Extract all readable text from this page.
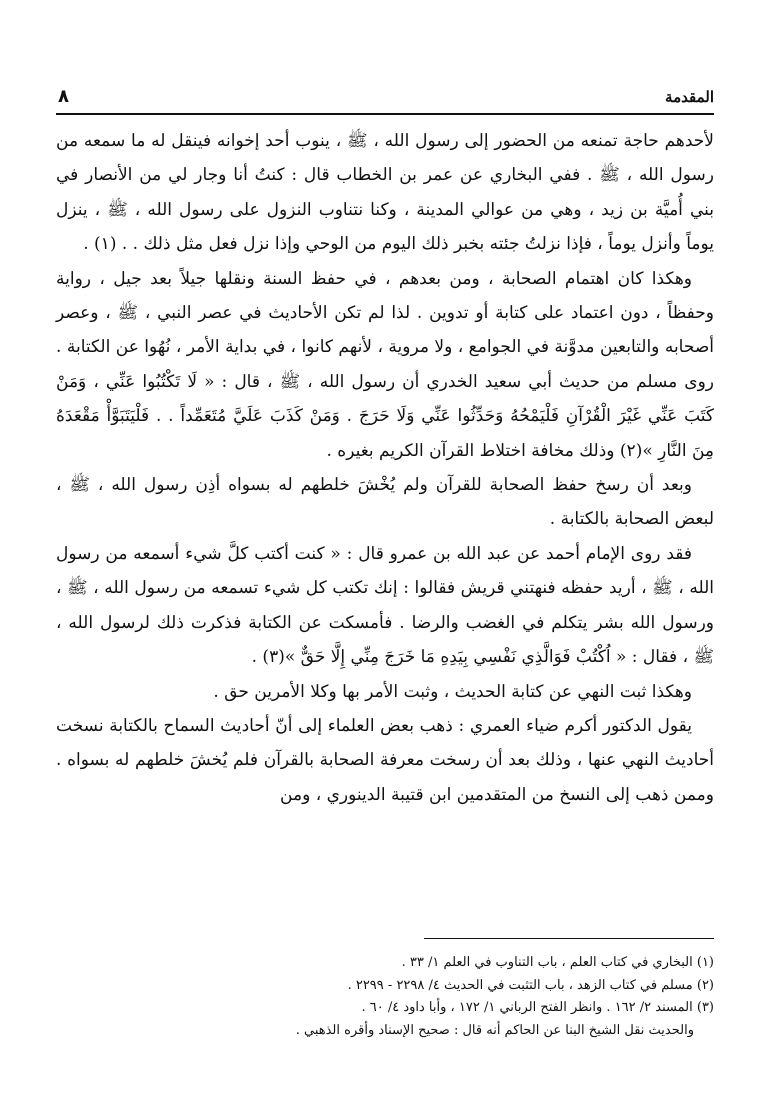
المقدمة
٨

لأحدهم حاجة تمنعه من الحضور إلى رسول الله ، ﷺ ، ينوب أحد إخوانه فينقل له ما سمعه من رسول الله ، ﷺ . ففي البخاري عن عمر بن الخطاب قال : كنتُ أنا وجار لي من الأنصار في بني أُميَّة بن زيد ، وهي من عوالي المدينة ، وكنا نتناوب النزول على رسول الله ، ﷺ ، ينزل يوماً وأنزل يوماً ، فإذا نزلتُ جئته بخبر ذلك اليوم من الوحي وإذا نزل فعل مثل ذلك . . (١) .

وهكذا كان اهتمام الصحابة ، ومن بعدهم ، في حفظ السنة ونقلها جيلاً بعد جيل ، رواية وحفظاً ، دون اعتماد على كتابة أو تدوين . لذا لم تكن الأحاديث في عصر النبي ، ﷺ ، وعصر أصحابه والتابعين مدوَّنة في الجوامع ، ولا مروية ، لأنهم كانوا ، في بداية الأمر ، نُهُوا عن الكتابة . روى مسلم من حديث أبي سعيد الخدري أن رسول الله ، ﷺ ، قال : « لَا تَكْتُبُوا عَنِّي ، وَمَنْ كَتَبَ عَنِّي غَيْرَ الْقُرْآنِ فَلْيَمْحُهُ وَحَدِّثُوا عَنِّي وَلَا حَرَجَ . وَمَنْ كَذَبَ عَلَيَّ مُتَعَمِّداً . . فَلْيَتَبَوَّأْ مَقْعَدَهُ مِنَ النَّارِ »(٢) وذلك مخافة اختلاط القرآن الكريم بغيره .

وبعد أن رسخ حفظ الصحابة للقرآن ولم يُخْشَ خلطهم له بسواه أذِن رسول الله ، ﷺ ، لبعض الصحابة بالكتابة .

فقد روى الإمام أحمد عن عبد الله بن عمرو قال : « كنت أكتب كلَّ شيء أسمعه من رسول الله ، ﷺ ، أريد حفظه فنهتني قريش فقالوا : إنك تكتب كل شيء تسمعه من رسول الله ، ﷺ ، ورسول الله بشر يتكلم في الغضب والرضا . فأمسكت عن الكتابة فذكرت ذلك لرسول الله ، ﷺ ، فقال : « اُكْتُبْ فَوَالَّذِي نَفْسِي بِيَدِهِ مَا خَرَجَ مِنِّي إِلَّا حَقٌّ »(٣) .

وهكذا ثبت النهي عن كتابة الحديث ، وثبت الأمر بها وكلا الأمرين حق .

يقول الدكتور أكرم ضياء العمري : ذهب بعض العلماء إلى أنّ أحاديث السماح بالكتابة نسخت أحاديث النهي عنها ، وذلك بعد أن رسخت معرفة الصحابة بالقرآن فلم يُخشَ خلطهم له بسواه . وممن ذهب إلى النسخ من المتقدمين ابن قتيبة الدينوري ، ومن

(١) البخاري في كتاب العلم ، باب التناوب في العلم ١/ ٣٣ .

(٢) مسلم في كتاب الزهد ، باب التثبت في الحديث ٤/ ٢٢٩٨ - ٢٢٩٩ .

(٣) المسند ٢/ ١٦٢ . وانظر الفتح الرباني ١/ ١٧٢ ، وأبا داود ٤/ ٦٠ .

والحديث نقل الشيخ البنا عن الحاكم أنه قال : صحيح الإسناد وأقره الذهبي .
